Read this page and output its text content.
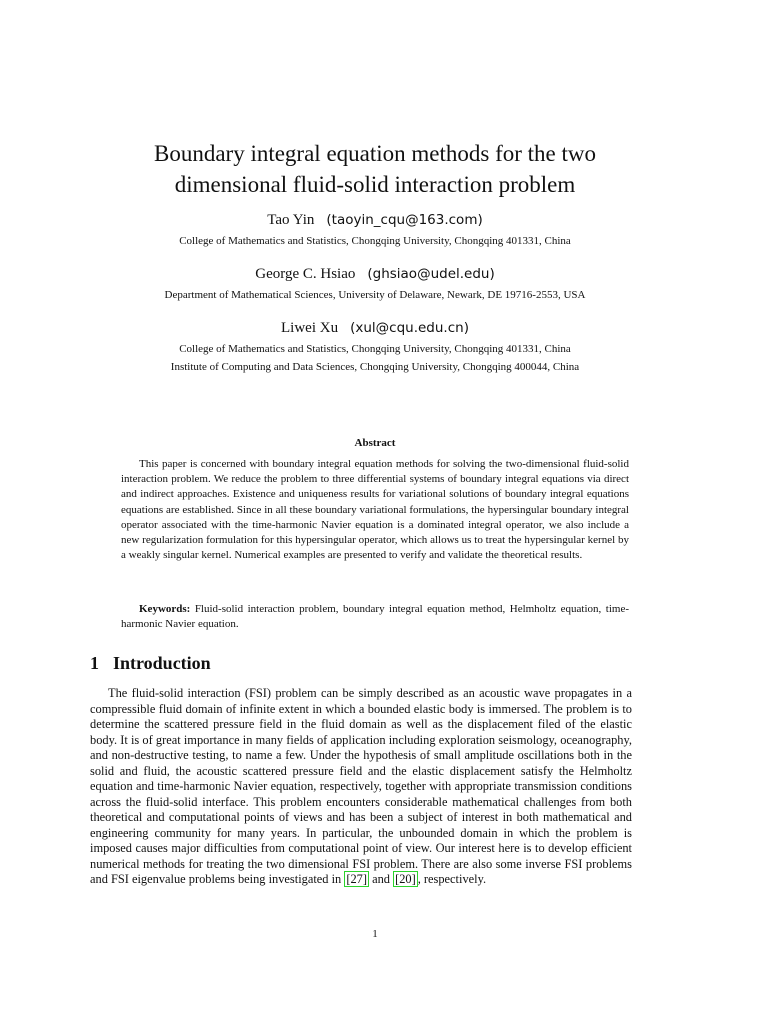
Boundary integral equation methods for the two
dimensional fluid-solid interaction problem
Tao Yin (taoyin_cqu@163.com)
College of Mathematics and Statistics, Chongqing University, Chongqing 401331, China
George C. Hsiao (ghsiao@udel.edu)
Department of Mathematical Sciences, University of Delaware, Newark, DE 19716-2553, USA
Liwei Xu (xul@cqu.edu.cn)
College of Mathematics and Statistics, Chongqing University, Chongqing 401331, China
Institute of Computing and Data Sciences, Chongqing University, Chongqing 400044, China
Abstract

This paper is concerned with boundary integral equation methods for solving the two-dimensional fluid-solid interaction problem. We reduce the problem to three differential systems of boundary integral equations via direct and indirect approaches. Existence and uniqueness results for variational solutions of boundary integral equations equations are established. Since in all these boundary variational formulations, the hypersingular boundary integral operator associated with the time-harmonic Navier equation is a dominated integral operator, we also include a new regularization formulation for this hypersingular operator, which allows us to treat the hypersingular kernel by a weakly singular kernel. Numerical examples are presented to verify and validate the theoretical results.

Keywords: Fluid-solid interaction problem, boundary integral equation method, Helmholtz equation, time-harmonic Navier equation.

1 Introduction

The fluid-solid interaction (FSI) problem can be simply described as an acoustic wave propagates in a compressible fluid domain of infinite extent in which a bounded elastic body is immersed. The problem is to determine the scattered pressure field in the fluid domain as well as the displacement filed of the elastic body. It is of great importance in many fields of application including exploration seismology, oceanography, and non-destructive testing, to name a few. Under the hypothesis of small amplitude oscillations both in the solid and fluid, the acoustic scattered pressure field and the elastic displacement satisfy the Helmholtz equation and time-harmonic Navier equation, respectively, together with appropriate transmission conditions across the fluid-solid interface. This problem encounters considerable mathematical challenges from both theoretical and computational points of views and has been a subject of interest in both mathematical and engineering community for many years. In particular, the unbounded domain in which the problem is imposed causes major difficulties from computational point of view. Our interest here is to develop efficient numerical methods for treating the two dimensional FSI problem. There are also some inverse FSI problems and FSI eigenvalue problems being investigated in [27] and [20] , respectively.

1
